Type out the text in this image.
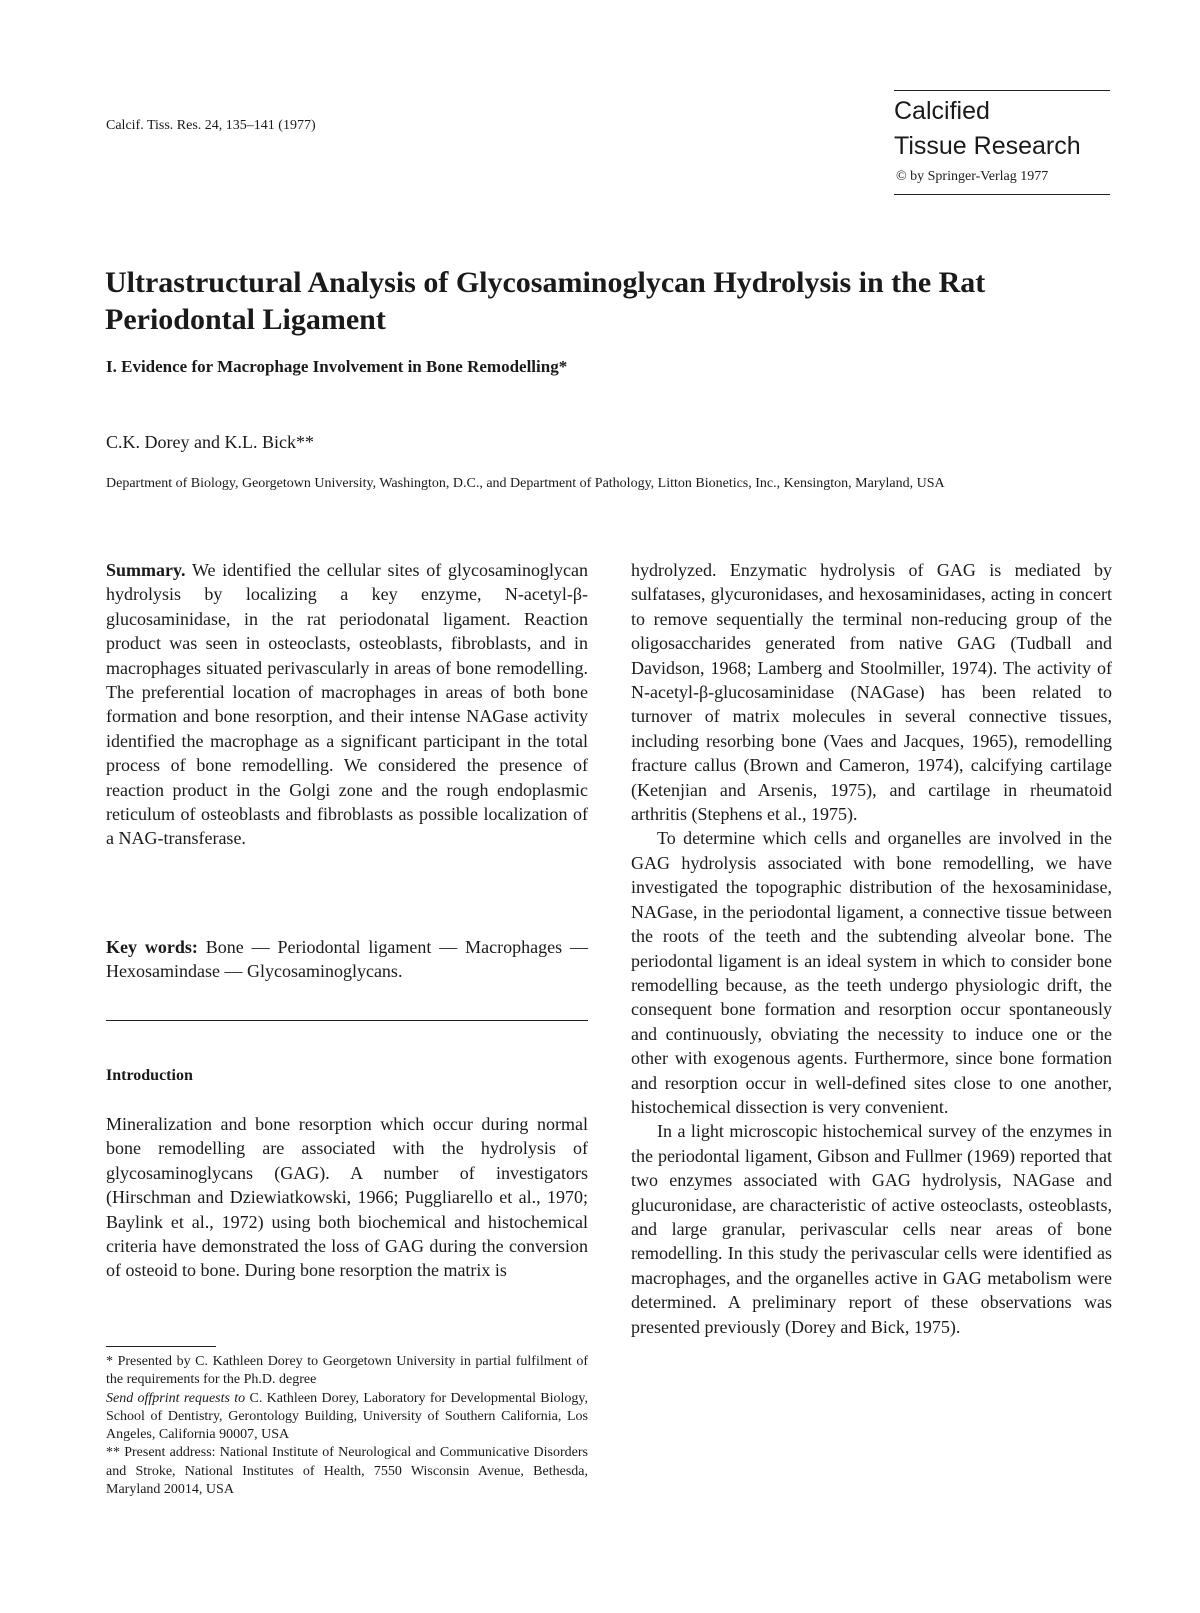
Calcif. Tiss. Res. 24, 135–141 (1977)
Calcified
Tissue Research
© by Springer-Verlag 1977
Ultrastructural Analysis of Glycosaminoglycan Hydrolysis in the Rat Periodontal Ligament
I. Evidence for Macrophage Involvement in Bone Remodelling*
C.K. Dorey and K.L. Bick**
Department of Biology, Georgetown University, Washington, D.C., and Department of Pathology, Litton Bionetics, Inc., Kensington, Maryland, USA

Summary. We identified the cellular sites of glycosaminoglycan hydrolysis by localizing a key enzyme, N-acetyl-β-glucosaminidase, in the rat periodonatal ligament. Reaction product was seen in osteoclasts, osteoblasts, fibroblasts, and in macrophages situated perivascularly in areas of bone remodelling. The preferential location of macrophages in areas of both bone formation and bone resorption, and their intense NAGase activity identified the macrophage as a significant participant in the total process of bone remodelling. We considered the presence of reaction product in the Golgi zone and the rough endoplasmic reticulum of osteoblasts and fibroblasts as possible localization of a NAG-transferase.

Key words: Bone — Periodontal ligament — Macrophages — Hexosamindase — Glycosaminoglycans.

Introduction

Mineralization and bone resorption which occur during normal bone remodelling are associated with the hydrolysis of glycosaminoglycans (GAG). A number of investigators (Hirschman and Dziewiatkowski, 1966; Puggliarello et al., 1970; Baylink et al., 1972) using both biochemical and histochemical criteria have demonstrated the loss of GAG during the conversion of osteoid to bone. During bone resorption the matrix is

* Presented by C. Kathleen Dorey to Georgetown University in partial fulfilment of the requirements for the Ph.D. degree

Send offprint requests to C. Kathleen Dorey, Laboratory for Developmental Biology, School of Dentistry, Gerontology Building, University of Southern California, Los Angeles, California 90007, USA

** Present address: National Institute of Neurological and Communicative Disorders and Stroke, National Institutes of Health, 7550 Wisconsin Avenue, Bethesda, Maryland 20014, USA

hydrolyzed. Enzymatic hydrolysis of GAG is mediated by sulfatases, glycuronidases, and hexosaminidases, acting in concert to remove sequentially the terminal non-reducing group of the oligosaccharides generated from native GAG (Tudball and Davidson, 1968; Lamberg and Stoolmiller, 1974). The activity of N-acetyl-β-glucosaminidase (NAGase) has been related to turnover of matrix molecules in several connective tissues, including resorbing bone (Vaes and Jacques, 1965), remodelling fracture callus (Brown and Cameron, 1974), calcifying cartilage (Ketenjian and Arsenis, 1975), and cartilage in rheumatoid arthritis (Stephens et al., 1975).

To determine which cells and organelles are involved in the GAG hydrolysis associated with bone remodelling, we have investigated the topographic distribution of the hexosaminidase, NAGase, in the periodontal ligament, a connective tissue between the roots of the teeth and the subtending alveolar bone. The periodontal ligament is an ideal system in which to consider bone remodelling because, as the teeth undergo physiologic drift, the consequent bone formation and resorption occur spontaneously and continuously, obviating the necessity to induce one or the other with exogenous agents. Furthermore, since bone formation and resorption occur in well-defined sites close to one another, histochemical dissection is very convenient.

In a light microscopic histochemical survey of the enzymes in the periodontal ligament, Gibson and Fullmer (1969) reported that two enzymes associated with GAG hydrolysis, NAGase and glucuronidase, are characteristic of active osteoclasts, osteoblasts, and large granular, perivascular cells near areas of bone remodelling. In this study the perivascular cells were identified as macrophages, and the organelles active in GAG metabolism were determined. A preliminary report of these observations was presented previously (Dorey and Bick, 1975).
